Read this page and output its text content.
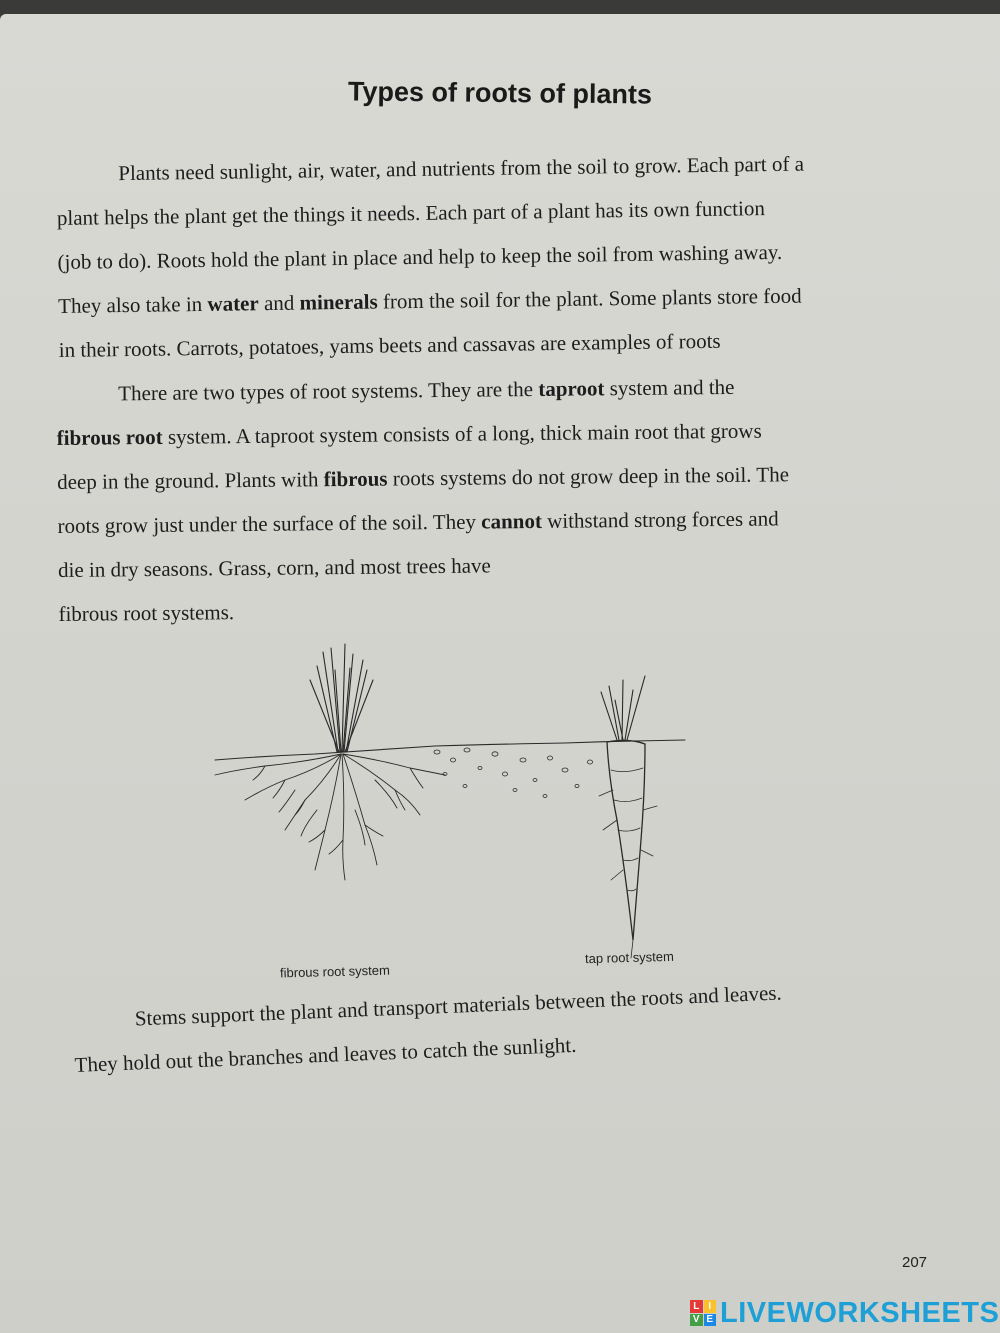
Types of roots of plants

Plants need sunlight, air, water, and nutrients from the soil to grow. Each part of a
plant helps the plant get the things it needs. Each part of a plant has its own function
(job to do). Roots hold the plant in place and help to keep the soil from washing away.
They also take in water and minerals from the soil for the plant. Some plants store food
in their roots. Carrots, potatoes, yams beets and cassavas are examples of roots

There are two types of root systems. They are the taproot system and the
fibrous root system. A taproot system consists of a long, thick main root that grows
deep in the ground. Plants with fibrous roots systems do not grow deep in the soil. The
roots grow just under the surface of the soil. They cannot withstand strong forces and
die in dry seasons. Grass, corn, and most trees have
fibrous root systems.

fibrous root system
tap root system

Stems support the plant and transport materials between the roots and leaves.
They hold out the branches and leaves to catch the sunlight.

207
L I
V E LIVEWORKSHEETS
